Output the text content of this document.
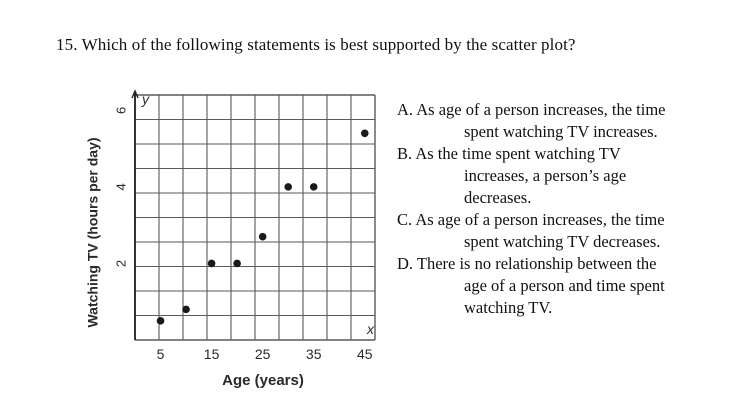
15. Which of the following statements is best supported by the scatter plot?
5	15	25	35	45
2
4
6
y
x
Age (years)
Watching TV (hours per day)
A. As age of a person increases, the time
spent watching TV increases.
B. As the time spent watching TV
increases, a person’s age
decreases.
C. As age of a person increases, the time
spent watching TV decreases.
D. There is no relationship between the
age of a person and time spent
watching TV.
